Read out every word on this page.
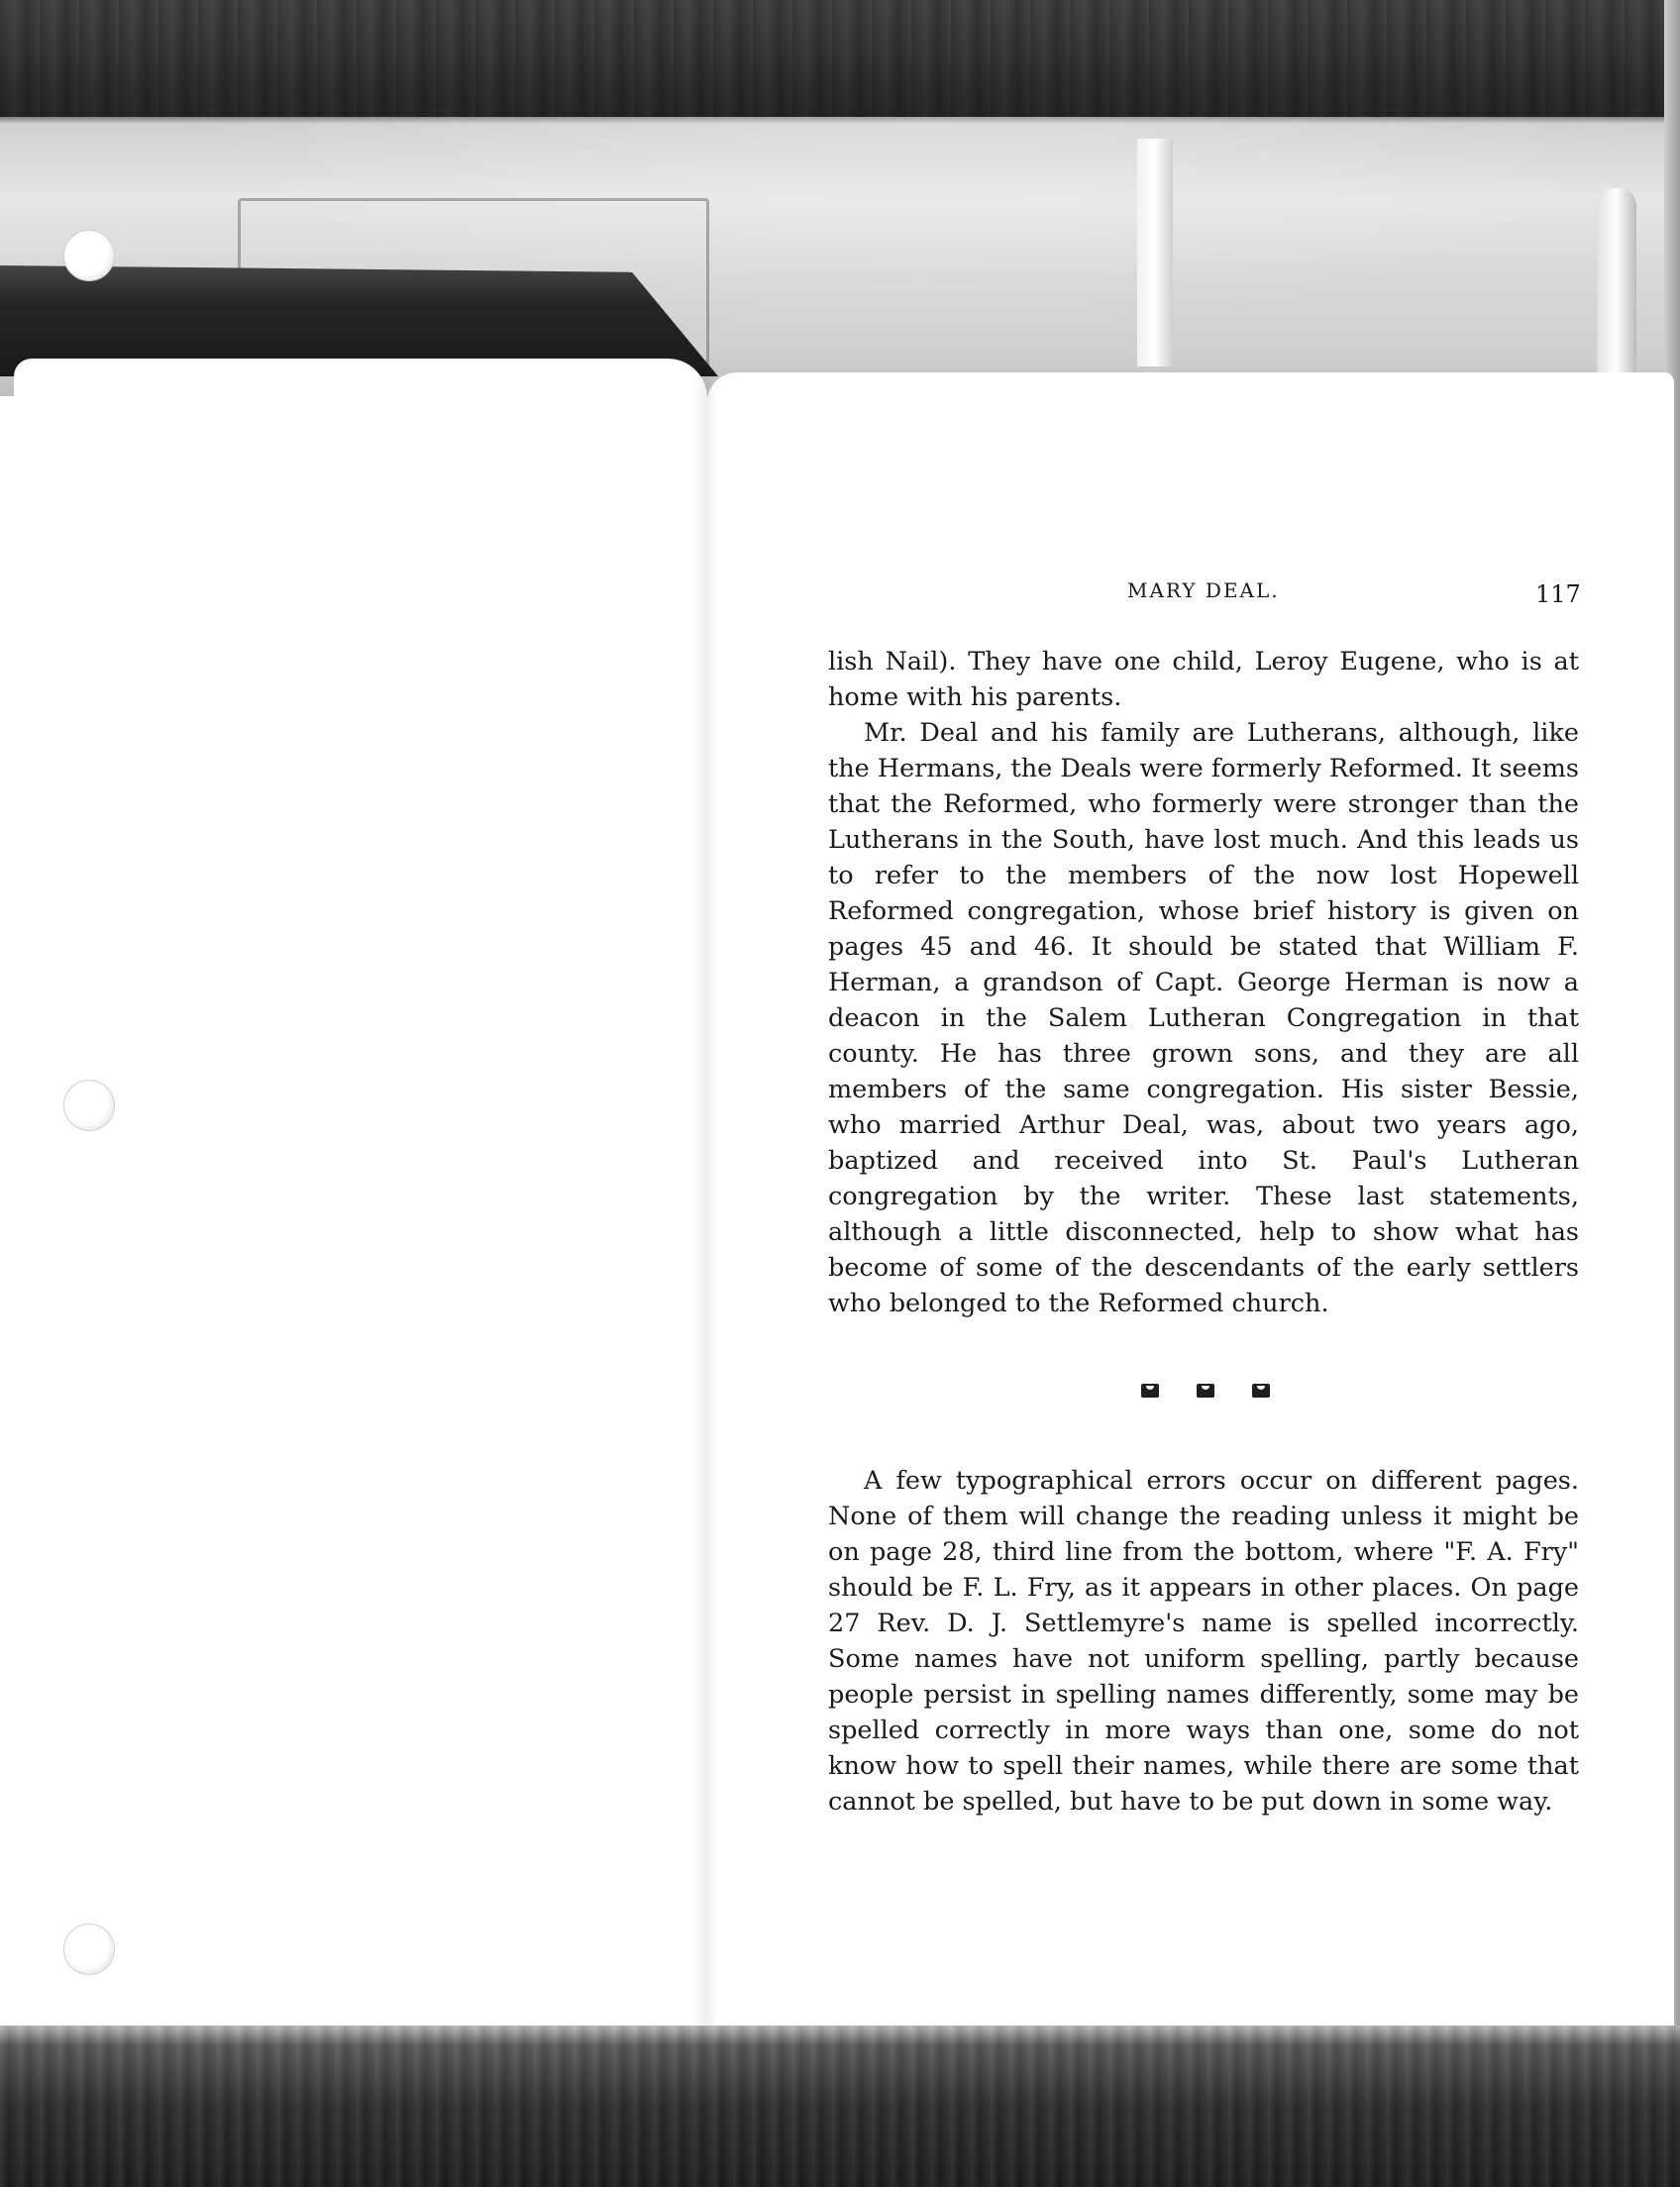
MARY DEAL.	117

lish Nail). They have one child, Leroy Eugene, who is at home with his parents.

Mr. Deal and his family are Lutherans, although, like the Hermans, the Deals were formerly Reformed. It seems that the Reformed, who formerly were stronger than the Lutherans in the South, have lost much. And this leads us to refer to the members of the now lost Hopewell Reformed congregation, whose brief history is given on pages 45 and 46. It should be stated that William F. Herman, a grandson of Capt. George Herman is now a deacon in the Salem Lutheran Congregation in that county. He has three grown sons, and they are all members of the same congregation. His sister Bessie, who married Arthur Deal, was, about two years ago, baptized and received into St. Paul's Lutheran congregation by the writer. These last statements, although a little disconnected, help to show what has become of some of the descendants of the early settlers who belonged to the Reformed church.

A few typographical errors occur on different pages. None of them will change the reading unless it might be on page 28, third line from the bottom, where "F. A. Fry" should be F. L. Fry, as it appears in other places. On page 27 Rev. D. J. Settlemyre's name is spelled incorrectly. Some names have not uniform spelling, partly because people persist in spelling names differently, some may be spelled correctly in more ways than one, some do not know how to spell their names, while there are some that cannot be spelled, but have to be put down in some way.
